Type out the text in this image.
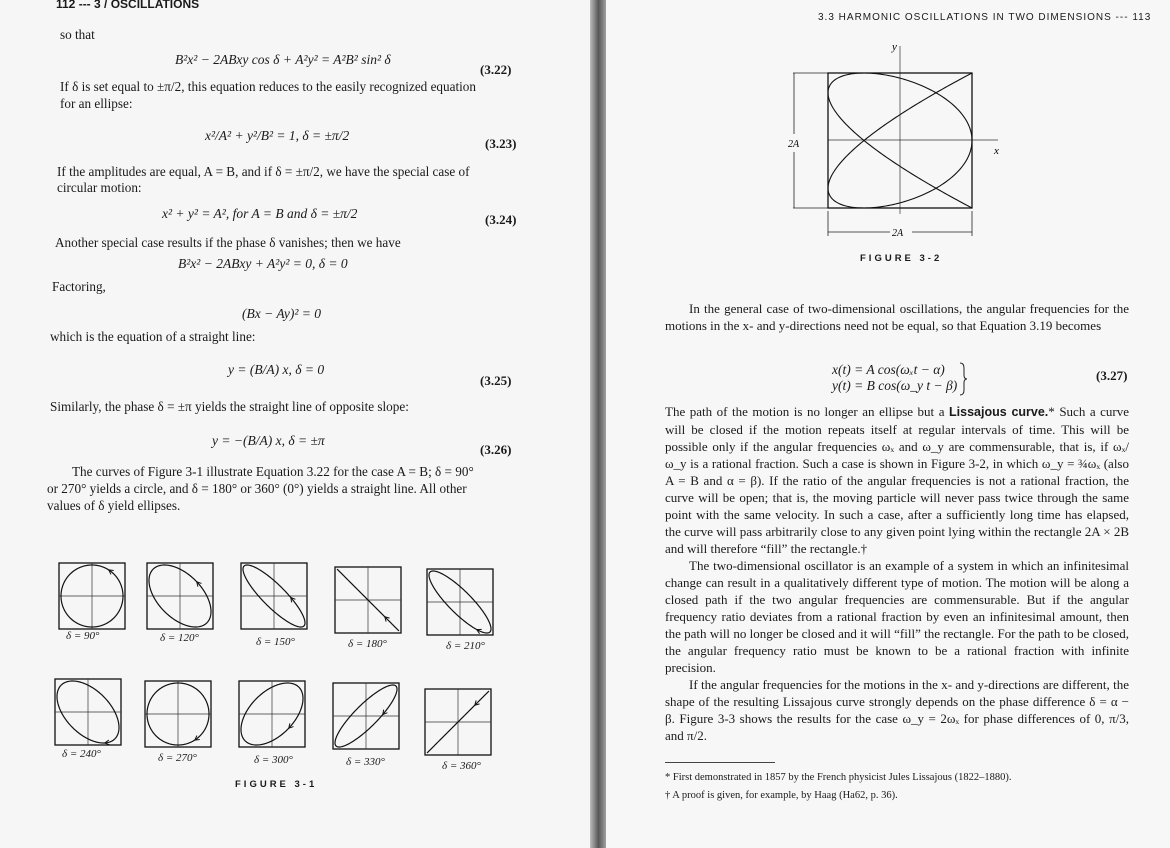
112 --- 3 / OSCILLATIONS
so that
B²x² − 2ABxy cos δ + A²y² = A²B² sin² δ
(3.22)
If δ is set equal to ±π/2, this equation reduces to the easily recognized equation
for an ellipse:
x²/A² + y²/B² = 1, δ = ±π/2
(3.23)
If the amplitudes are equal, A = B, and if δ = ±π/2, we have the special case of
circular motion:
x² + y² = A², for A = B and δ = ±π/2	(3.24)
Another special case results if the phase δ vanishes; then we have
B²x² − 2ABxy + A²y² = 0, δ = 0
Factoring,
(Bx − Ay)² = 0
which is the equation of a straight line:
y = (B/A) x, δ = 0
(3.25)
Similarly, the phase δ = ±π yields the straight line of opposite slope:
y = −(B/A) x, δ = ±π
(3.26)
The curves of Figure 3-1 illustrate Equation 3.22 for the case A = B; δ = 90°
or 270° yields a circle, and δ = 180° or 360° (0°) yields a straight line. All other
values of δ yield ellipses.
δ = 90°	δ = 120°	δ = 150°	δ = 180°	δ = 210°
δ = 240°	δ = 270°	δ = 300°	δ = 330°	δ = 360°
FIGURE 3-1
3.3 HARMONIC OSCILLATIONS IN TWO DIMENSIONS --- 113
y
x
2A
2A
FIGURE 3-2

In the general case of two-dimensional oscillations, the angular frequencies for the motions in the x- and y-directions need not be equal, so that Equation 3.19 becomes

x(t) = A cos(ωₓt − α)
y(t) = B cos(ω_y t − β)
(3.27)

The path of the motion is no longer an ellipse but a Lissajous curve.* Such a curve will be closed if the motion repeats itself at regular intervals of time. This will be possible only if the angular frequencies ωₓ and ω_y are commensurable, that is, if ωₓ/ω_y is a rational fraction. Such a case is shown in Figure 3-2, in which ω_y = ¾ωₓ (also A = B and α = β). If the ratio of the angular frequencies is not a rational fraction, the curve will be open; that is, the moving particle will never pass twice through the same point with the same velocity. In such a case, after a sufficiently long time has elapsed, the curve will pass arbitrarily close to any given point lying within the rectangle 2A × 2B and will therefore “fill” the rectangle.†

The two-dimensional oscillator is an example of a system in which an infinitesimal change can result in a qualitatively different type of motion. The motion will be along a closed path if the two angular frequencies are commensurable. But if the angular frequency ratio deviates from a rational fraction by even an infinitesimal amount, then the path will no longer be closed and it will “fill” the rectangle. For the path to be closed, the angular frequency ratio must be known to be a rational fraction with infinite precision.

If the angular frequencies for the motions in the x- and y-directions are different, the shape of the resulting Lissajous curve strongly depends on the phase difference δ = α − β. Figure 3-3 shows the results for the case ω_y = 2ωₓ for phase differences of 0, π/3, and π/2.

* First demonstrated in 1857 by the French physicist Jules Lissajous (1822–1880).
† A proof is given, for example, by Haag (Ha62, p. 36).
